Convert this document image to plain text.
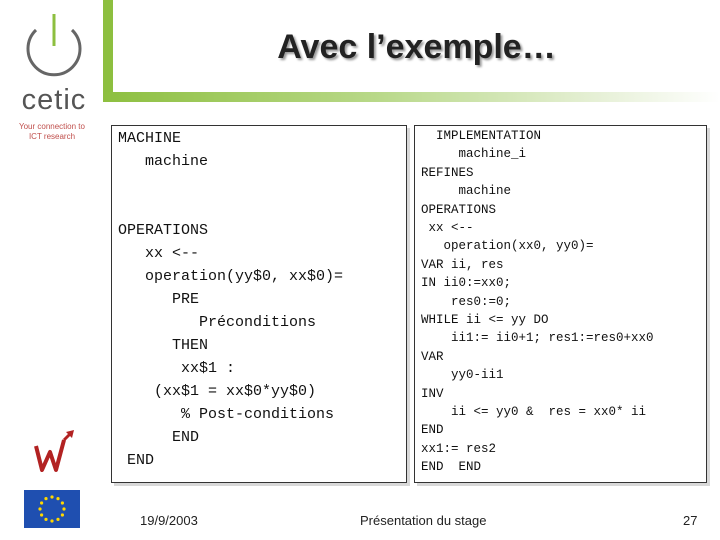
cetic
Your connection to
ICT research
Avec l’exemple…
MACHINE
machine
OPERATIONS
xx <--
operation(yy$0, xx$0)=
PRE
Préconditions
THEN
xx$1 :
(xx$1 = xx$0*yy$0)
% Post-conditions
END
END
IMPLEMENTATION
machine_i
REFINES
machine
OPERATIONS
xx <--
operation(xx0, yy0)=
VAR ii, res
IN ii0:=xx0;
res0:=0;
WHILE ii <= yy DO
ii1:= ii0+1; res1:=res0+xx0
VAR
yy0-ii1
INV
ii <= yy0 &  res = xx0* ii
END
xx1:= res2
END  END
19/9/2003	Présentation du stage	27
